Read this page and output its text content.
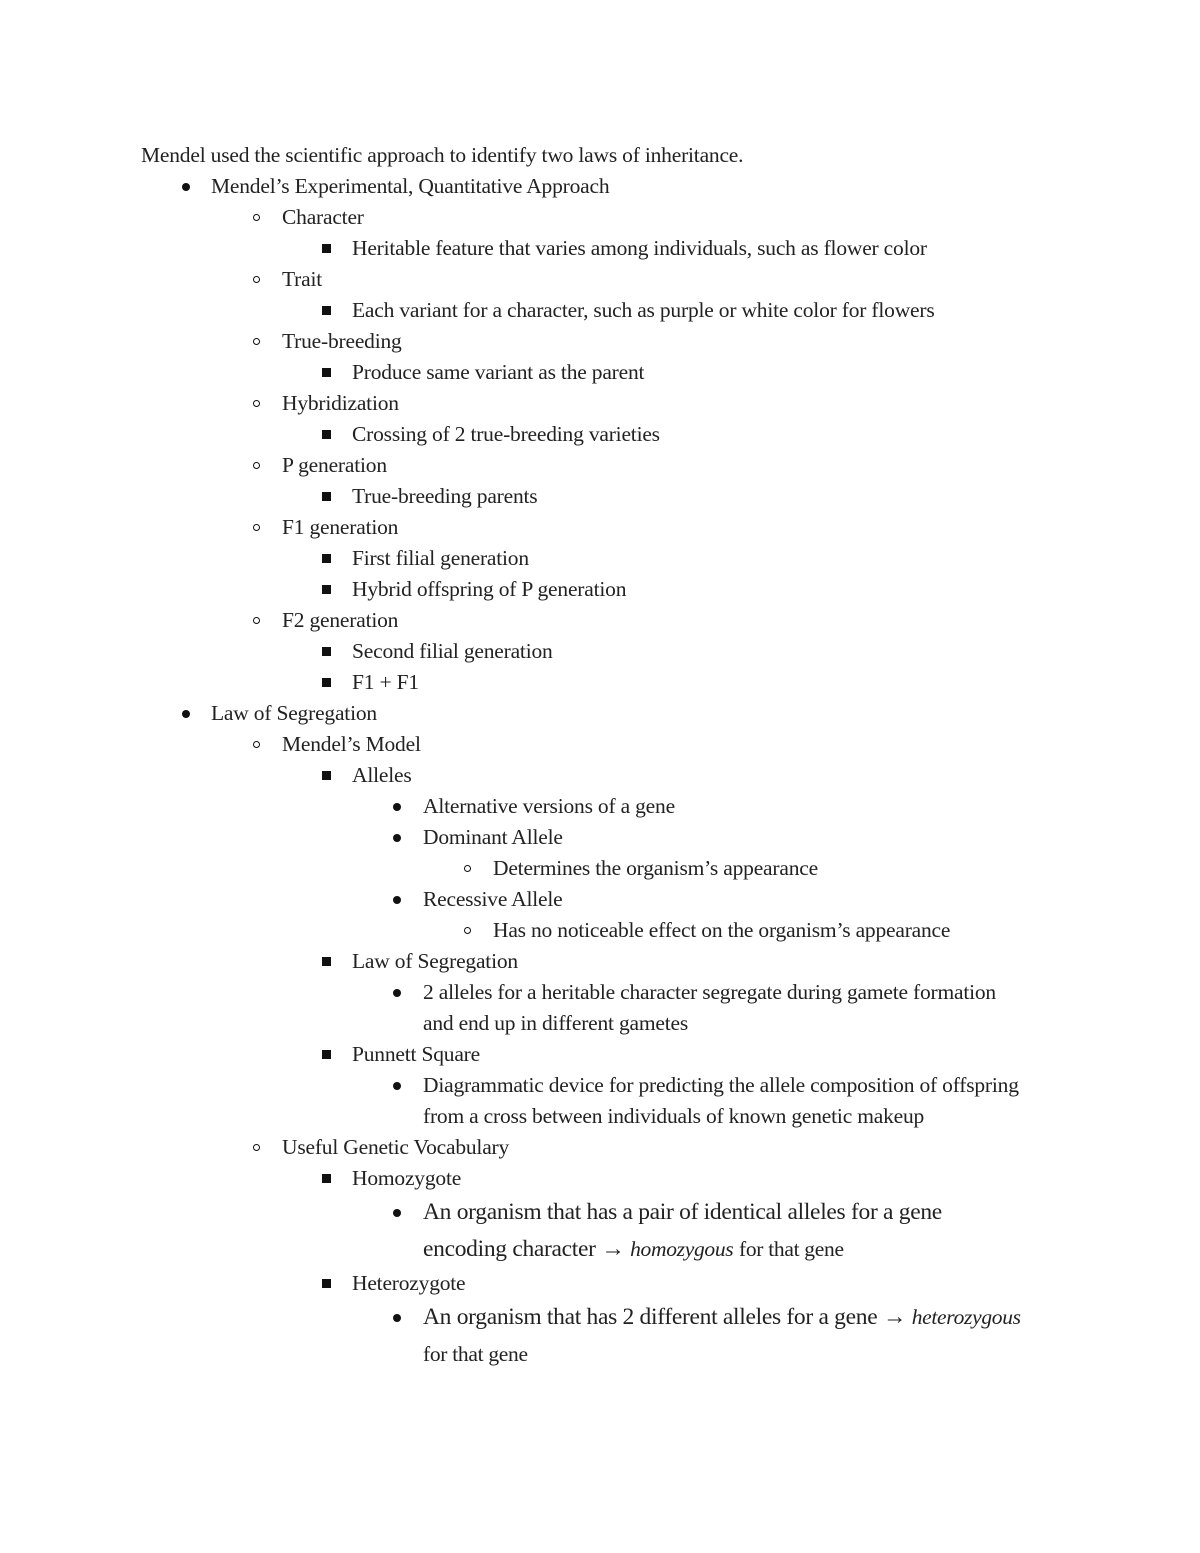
Mendel used the scientific approach to identify two laws of inheritance.

Mendel’s Experimental, Quantitative Approach
Character
Heritable feature that varies among individuals, such as flower color
Trait
Each variant for a character, such as purple or white color for flowers
True-breeding
Produce same variant as the parent
Hybridization
Crossing of 2 true-breeding varieties
P generation
True-breeding parents
F1 generation
First filial generation
Hybrid offspring of P generation
F2 generation
Second filial generation
F1 + F1
Law of Segregation
Mendel’s Model
Alleles
Alternative versions of a gene
Dominant Allele
Determines the organism’s appearance
Recessive Allele
Has no noticeable effect on the organism’s appearance
Law of Segregation
2 alleles for a heritable character segregate during gamete formation and end up in different gametes
Punnett Square
Diagrammatic device for predicting the allele composition of offspring from a cross between individuals of known genetic makeup
Useful Genetic Vocabulary
Homozygote
An organism that has a pair of identical alleles for a gene encoding character → homozygous for that gene
Heterozygote
An organism that has 2 different alleles for a gene → heterozygous for that gene
